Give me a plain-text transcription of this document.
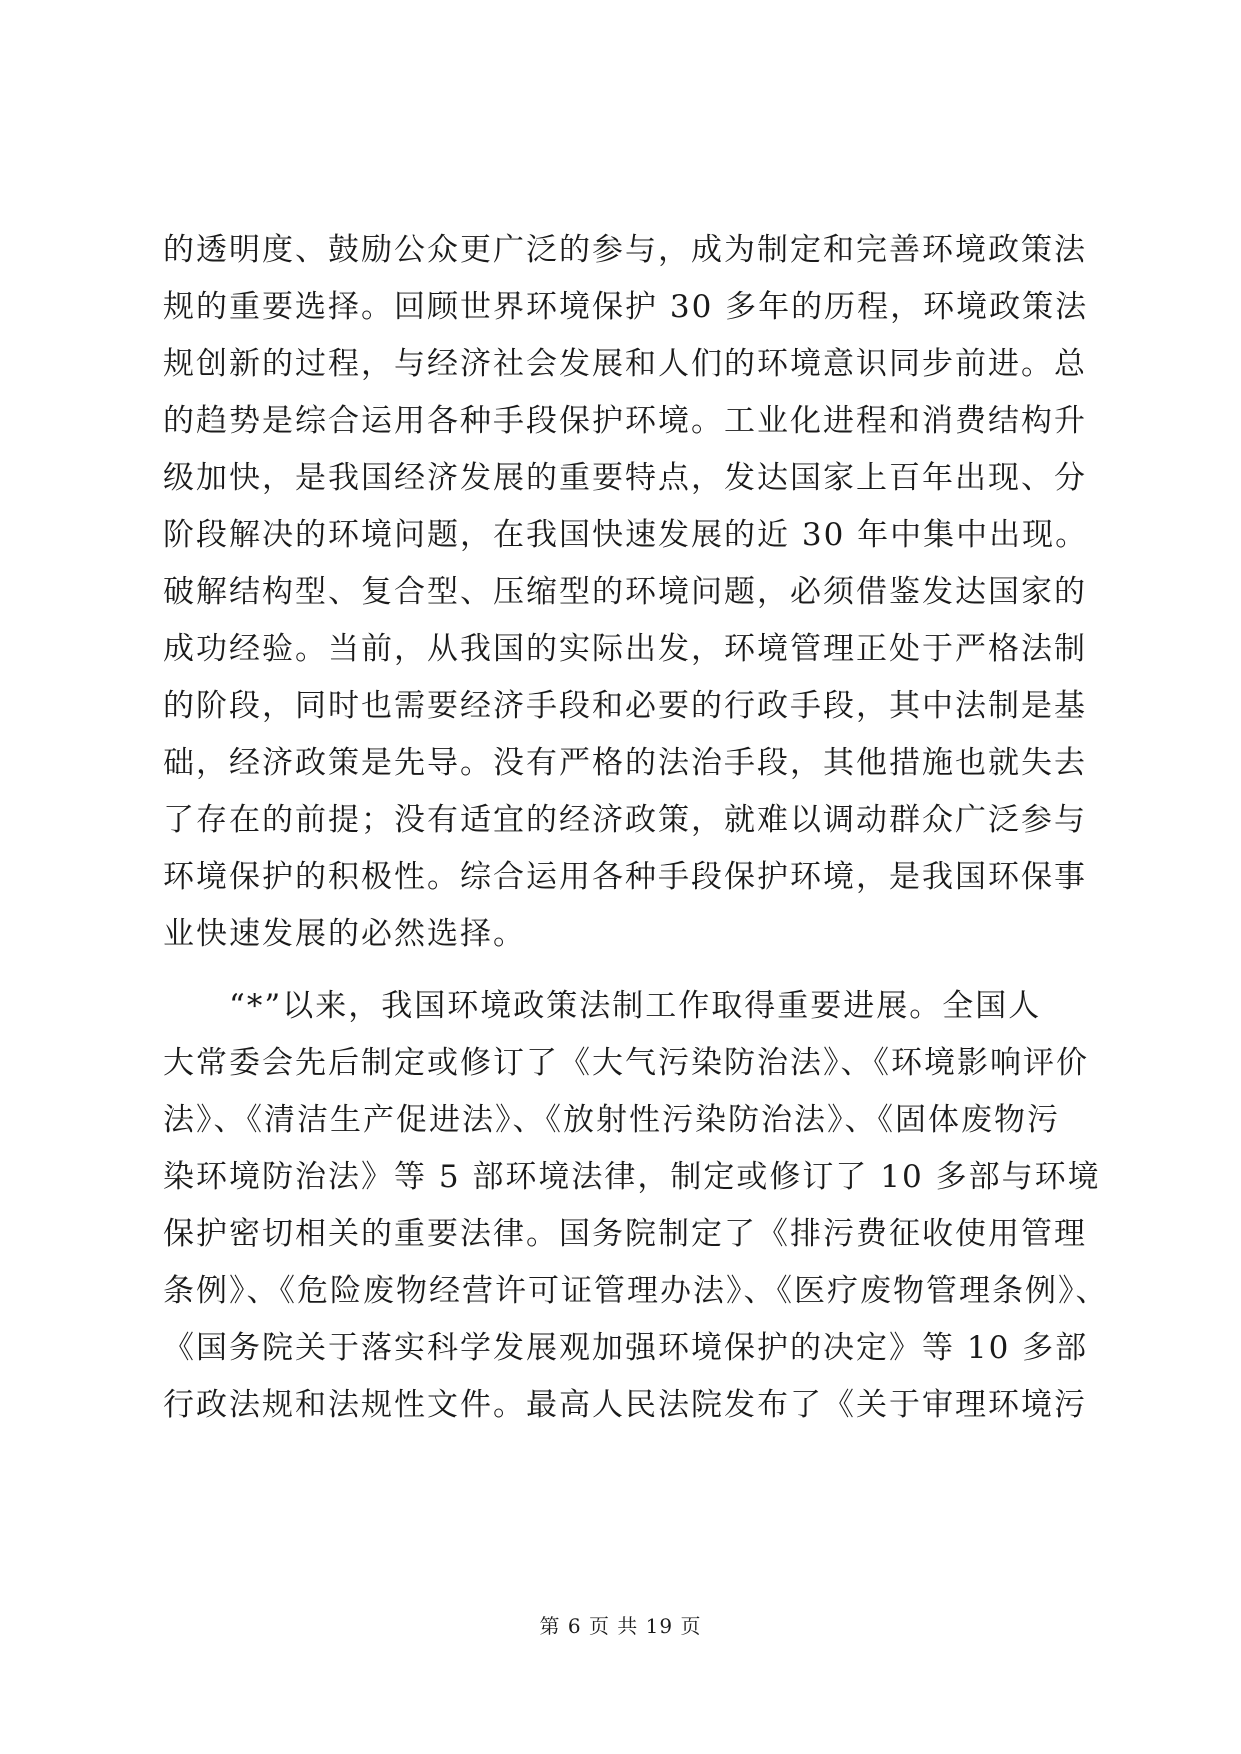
的透明度、鼓励公众更广泛的参与，成为制定和完善环境政策法
规的重要选择。回顾世界环境保护 30 多年的历程，环境政策法
规创新的过程，与经济社会发展和人们的环境意识同步前进。总
的趋势是综合运用各种手段保护环境。工业化进程和消费结构升
级加快，是我国经济发展的重要特点，发达国家上百年出现、分
阶段解决的环境问题，在我国快速发展的近 30 年中集中出现。
破解结构型、复合型、压缩型的环境问题，必须借鉴发达国家的
成功经验。当前，从我国的实际出发，环境管理正处于严格法制
的阶段，同时也需要经济手段和必要的行政手段，其中法制是基
础，经济政策是先导。没有严格的法治手段，其他措施也就失去
了存在的前提；没有适宜的经济政策，就难以调动群众广泛参与
环境保护的积极性。综合运用各种手段保护环境，是我国环保事
业快速发展的必然选择。
　　“*”以来，我国环境政策法制工作取得重要进展。全国人
大常委会先后制定或修订了《大气污染防治法》、《环境影响评价
法》、《清洁生产促进法》、《放射性污染防治法》、《固体废物污
染环境防治法》等 5 部环境法律，制定或修订了 10 多部与环境
保护密切相关的重要法律。国务院制定了《排污费征收使用管理
条例》、《危险废物经营许可证管理办法》、《医疗废物管理条例》、
《国务院关于落实科学发展观加强环境保护的决定》等 10 多部
行政法规和法规性文件。最高人民法院发布了《关于审理环境污
第 6 页 共 19 页
